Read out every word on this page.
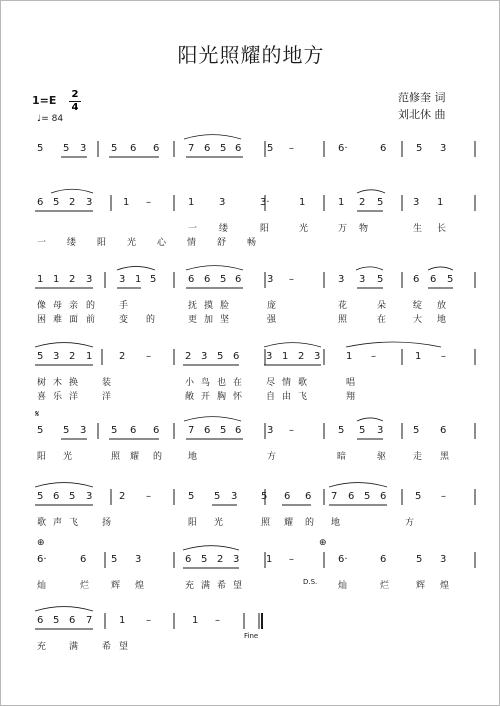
阳光照耀的地方
范修奎 词
刘北休 曲
1=E 2
4
♩= 84
5 5 3 5 6 6	7 6 5 6	5 –	6·	6	5 3
6 5 2 3	1 –	1 3	3·	1	1 2 5	3 1
一 缕	阳	光	万 物	生 长
一 缕 阳 光 心 情 舒 畅
1 1 2 3	3 1 5	6 6 5 6	3 –	3 3 5	6 6 5
像 母 亲 的	手	抚 摸 脸	庞	花	朵	绽 放
困 难 面 前	变 的	更 加 坚	强	照	在	大 地
5 3 2 1	2 –	2 3 5 6	3 1 2 3	1 –	1 –
树 木 换	装	小 鸟 也 在	尽 情 歌	唱
喜 乐 洋	洋	敞 开 胸 怀	自 由 飞	翔
5 5 3 5 6 6	7 6 5 6	3 –	5 5 3	5 6
阳 光	照 耀 的	地	方	驱	走 黑
暗
5 6 5 3	2 –	5 5 3 5 6 6 7 6 5 6	5 –
歌 声 飞	扬	阳 光	照 耀 的 地	方
6·	6 5 3	6 5 2 3	1 –	6·	6	5 3
灿	烂 辉 煌	充 满 希 望	灿	烂	辉 煌
6 5 6 7	1 –	1 –
充	满	希 望
D.S.
Fine
𝄋
⊕	⊕
